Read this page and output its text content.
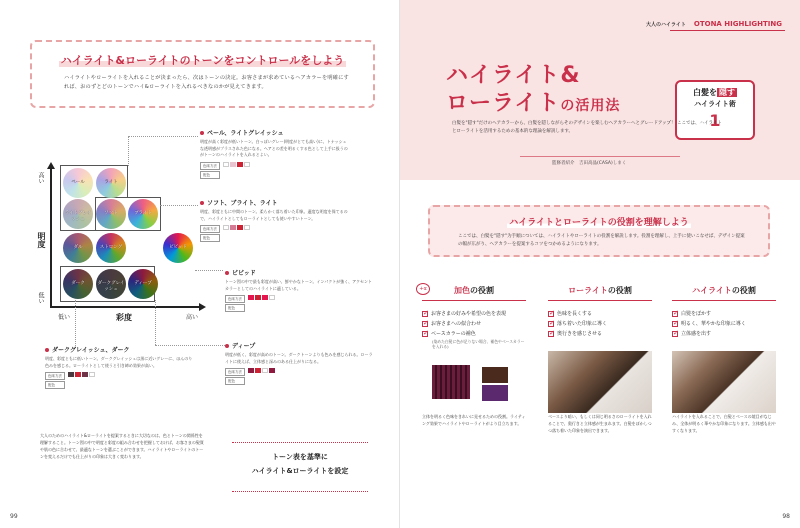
ハイライト&ローライトのトーンをコントロールをしよう
ハイライトやローライトを入れることが決まったら、次はトーンの決定。お客さまが求めているヘアカラーを明確にすれば、おのずとどのトーンでハイ&ローライトを入れるべきなのかが見えてきます。
高い
低い
明度
低い	高い
彩度
ペール	ライト
ライトグレイッシュ
ソフト	ブライト
ダル	ストロング	ビビッド
ダーク	ダークグレイッシュ
ディープ
ペール、ライトグレイッシュ
明度が高く彩度が低いトーン。白っぽいグレー(明度がとても高い)に、トナッシュな透明感がプラスされた色になる。ヘアとの差を明るくする色として上手に扱うのがトーンのハイライトを入れるとよい。
色味方法
配色
ソフト、ブライト、ライト
明度、彩度ともに中間のトーン。柔らかく落ち着いた印象。適度な明度を保てるので、ハイライトとしてもローライトとしても使いやすいトーン。
色味方法
配色
ビビッド
トーン図の中で最も彩度が高い、鮮やかなトーン。インパクトが強く、アクセントカラーとしてのハイライトに適している。
色味方法
配色
ディープ
明度が低く、彩度が高めのトーン。ダークトーンよりも色みを感じられる。ローライトに使えば、立体感と深みのある仕上がりになる。
色味方法
配色
ダークグレイッシュ、ダーク
明度、彩度ともに低いトーン。ダークグレイッシュは黒に近いグレーに、ほんのり色みを感じる。ローライトとして使うと引き締め効果が高い。
色味方法
配色
大人のためのハイライト&ローライトを提案するときに大切なのは、色とトーンの関係性を理解すること。トーン図の中で明度と彩度の組み合わせを把握しておけば、お客さまの髪質や肌の色に合わせて、最適なトーンを選ぶことができます。ハイライトやローライトのトーンを変えるだけでも仕上がりの印象は大きく変わります。	トーン表を基準に
ハイライト&ローライトを設定
99
大人のハイライト OTONA HIGHLIGHTING
ハイライト&
ローライトの活用法
白髪を 隠す
ハイライト術
1
白髪を"隠す"だけのヘアカラーから、白髪を隠しながらそのデザインを楽しむヘアカラーへとグレードアップ！ ここでは、ハイライトとローライトを活用するための基本的な理論を解説します。
監修者紹介　吉田高晶(CASA)しまく
ハイライトとローライトの役割を理解しよう
ここでは、白髪を"隠す"为手順については、ハイライトやローライトの役割を解説します。役割を理解し、上手に使いこなせば、デザイン提案の幅が広がり、ヘアカラーを提案するコツをつかめるようになります。
+α	加色の役割
✓
お客さまの好みや希望の色を表現
✓
お客さまへの似合わせ
✓
ベースカラーの補色
(染めた白髪に色が足りない場合、補色やベースカラーを入れる)
立体を明るく色味をきれいに見せるための役割。ライティング効果でハイライトやローライトがより目立ちます。
ローライトの役割
✓
色味を長くする
✓
落ち着いた印象に導く
✓
奥行きを感じさせる
ベースより暗い、もしくは同じ明るさのローライトを入れることで、奥行きと立体感が生まれます。白髪をぼかしつつ落ち着いた印象を演出できます。
ハイライトの役割
✓
白髪をぼかす
✓
明るく、華やかな印象に導く
✓
立体感を出す
ハイライトを入れることで、白髪とベースの境目がなじみ、全体が明るく華やかな印象になります。立体感も出やすくなります。
98
